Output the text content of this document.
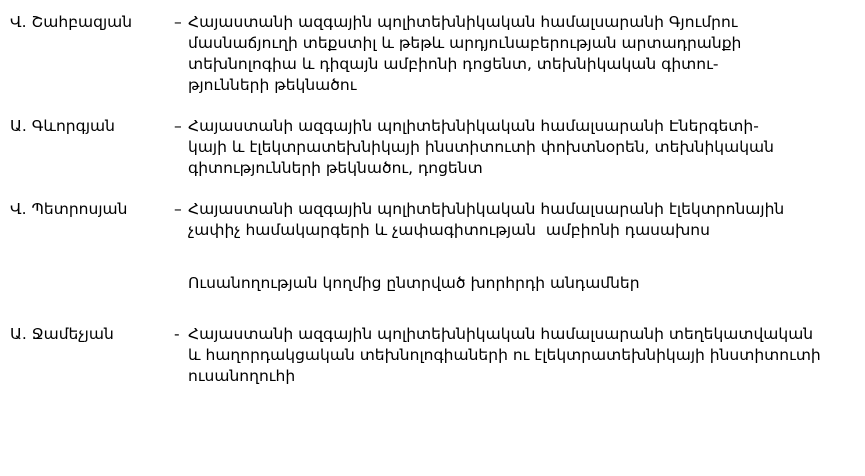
Վ. Շահբազյան	– Հայաստանի ազգային պոլիտեխնիկական համալսարանի Գյումրու
մասնաճյուղի տեքստիլ և թեթև արդյունաբերության արտադրանքի
տեխնոլոգիա և դիզայն ամբիոնի դոցենտ, տեխնիկական գիտու-
թյունների թեկնածու
Ա. Գևորգյան	– Հայաստանի ազգային պոլիտեխնիկական համալսարանի Էներգետի-
կայի և էլեկտրատեխնիկայի ինստիտուտի փոխտնօրեն, տեխնիկական
գիտությունների թեկնածու, դոցենտ
Վ. Պետրոսյան	– Հայաստանի ազգային պոլիտեխնիկական համալսարանի էլեկտրոնային
չափիչ համակարգերի և չափագիտության  ամբիոնի դասախոս
Ուսանողության կողմից ընտրված խորհրդի անդամներ
Ա. Ջամեչյան	- Հայաստանի ազգային պոլիտեխնիկական համալսարանի տեղեկատվական
և հաղորդակցական տեխնոլոգիաների ու էլեկտրատեխնիկայի ինստիտուտի
ուսանողուհի
